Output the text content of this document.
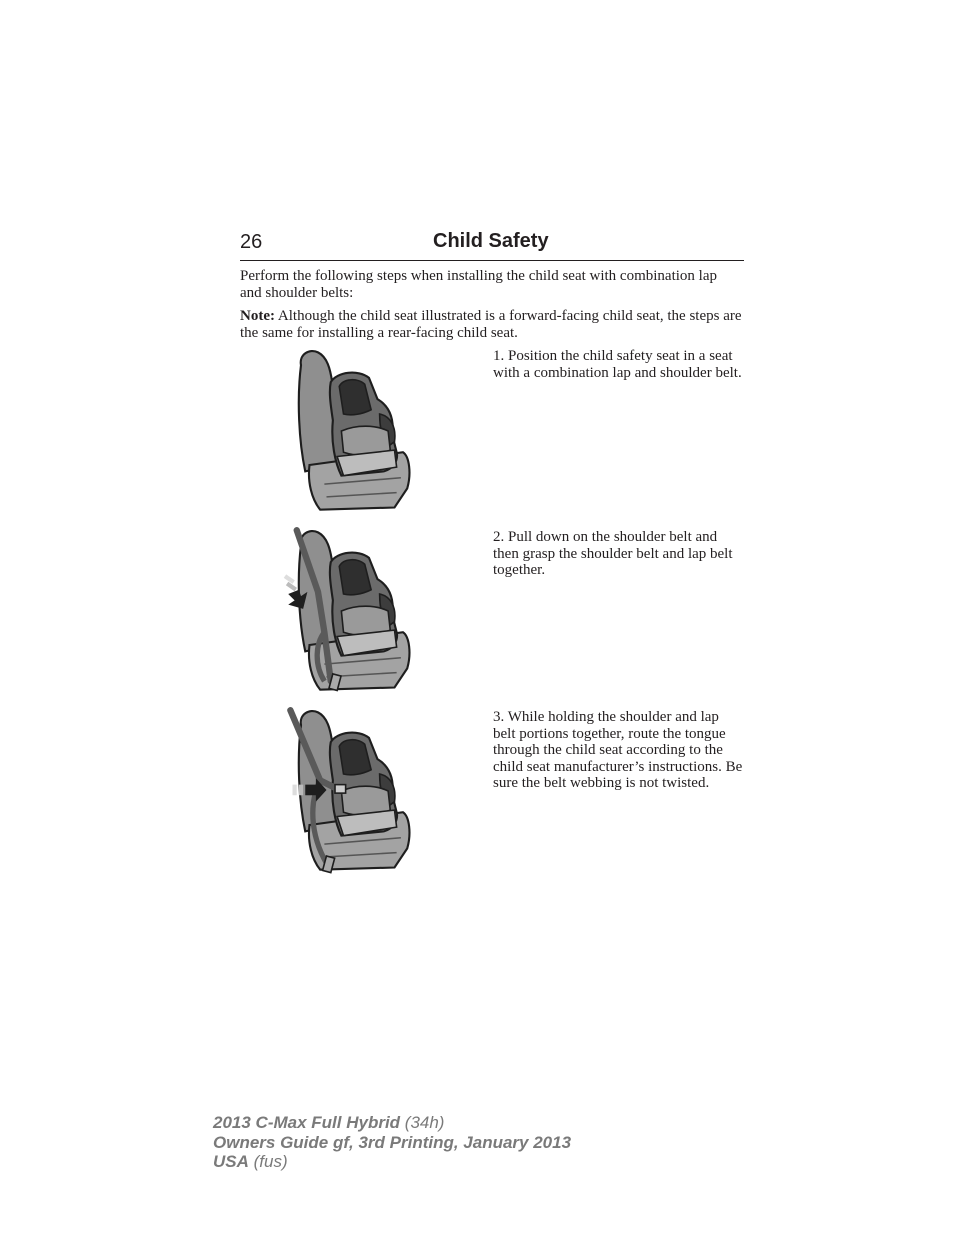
26	Child Safety

Perform the following steps when installing the child seat with combination lap and shoulder belts:

Note: Although the child seat illustrated is a forward-facing child seat, the steps are the same for installing a rear-facing child seat.

1. Position the child safety seat in a seat with a combination lap and shoulder belt.

2. Pull down on the shoulder belt and then grasp the shoulder belt and lap belt together.

3. While holding the shoulder and lap belt portions together, route the tongue through the child seat according to the child seat manufacturer’s instructions. Be sure the belt webbing is not twisted.

2013 C-Max Full Hybrid (34h)
Owners Guide gf, 3rd Printing, January 2013
USA (fus)
